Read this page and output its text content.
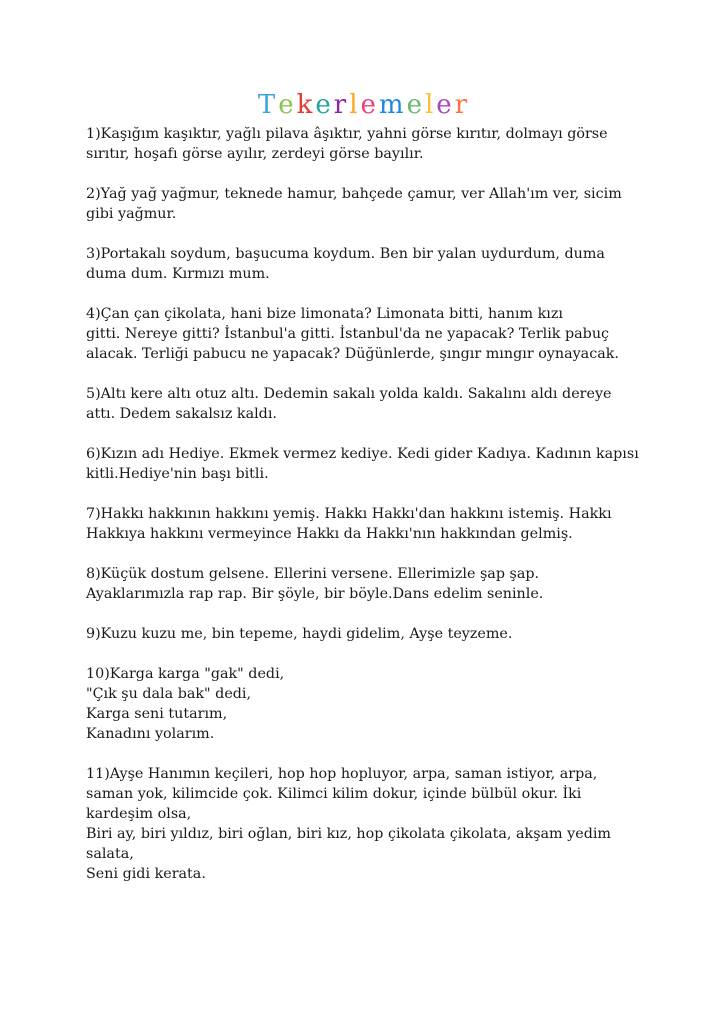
Tekerlemeler
1)Kaşığım kaşıktır, yağlı pilava âşıktır, yahni görse kırıtır, dolmayı görse
sırıtır, hoşafı görse ayılır, zerdeyi görse bayılır.
2)Yağ yağ yağmur, teknede hamur, bahçede çamur, ver Allah'ım ver, sicim
gibi yağmur.
3)Portakalı soydum, başucuma koydum. Ben bir yalan uydurdum, duma
duma dum. Kırmızı mum.
4)Çan çan çikolata, hani bize limonata? Limonata bitti, hanım kızı
gitti. Nereye gitti? İstanbul'a gitti. İstanbul'da ne yapacak? Terlik pabuç
alacak. Terliği pabucu ne yapacak? Düğünlerde, şıngır mıngır oynayacak.
5)Altı kere altı otuz altı. Dedemin sakalı yolda kaldı. Sakalını aldı dereye
attı. Dedem sakalsız kaldı.
6)Kızın adı Hediye. Ekmek vermez kediye. Kedi gider Kadıya. Kadının kapısı
kitli.Hediye'nin başı bitli.
7)Hakkı hakkının hakkını yemiş. Hakkı Hakkı'dan hakkını istemiş. Hakkı
Hakkıya hakkını vermeyince Hakkı da Hakkı'nın hakkından gelmiş.
8)Küçük dostum gelsene. Ellerini versene. Ellerimizle şap şap.
Ayaklarımızla rap rap. Bir şöyle, bir böyle.Dans edelim seninle.
9)Kuzu kuzu me, bin tepeme, haydi gidelim, Ayşe teyzeme.
10)Karga karga "gak" dedi,
"Çık şu dala bak" dedi,
Karga seni tutarım,
Kanadını yolarım.
11)Ayşe Hanımın keçileri, hop hop hopluyor, arpa, saman istiyor, arpa,
saman yok, kilimcide çok. Kilimci kilim dokur, içinde bülbül okur. İki
kardeşim olsa,
Biri ay, biri yıldız, biri oğlan, biri kız, hop çikolata çikolata, akşam yedim
salata,
Seni gidi kerata.
